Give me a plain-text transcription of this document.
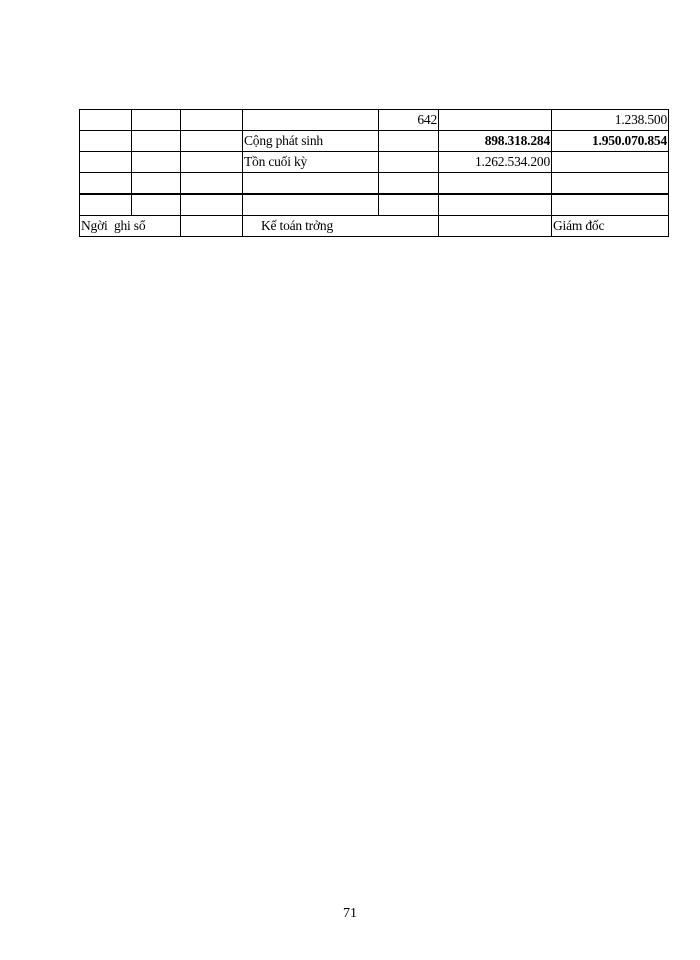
				642		1.238.500
			Cộng phát sinh		898.318.284	1.950.070.854
			Tồn cuối kỳ		1.262.534.200	

Ngời  ghi sổ			Kế toán trởng			Giám đốc
71
